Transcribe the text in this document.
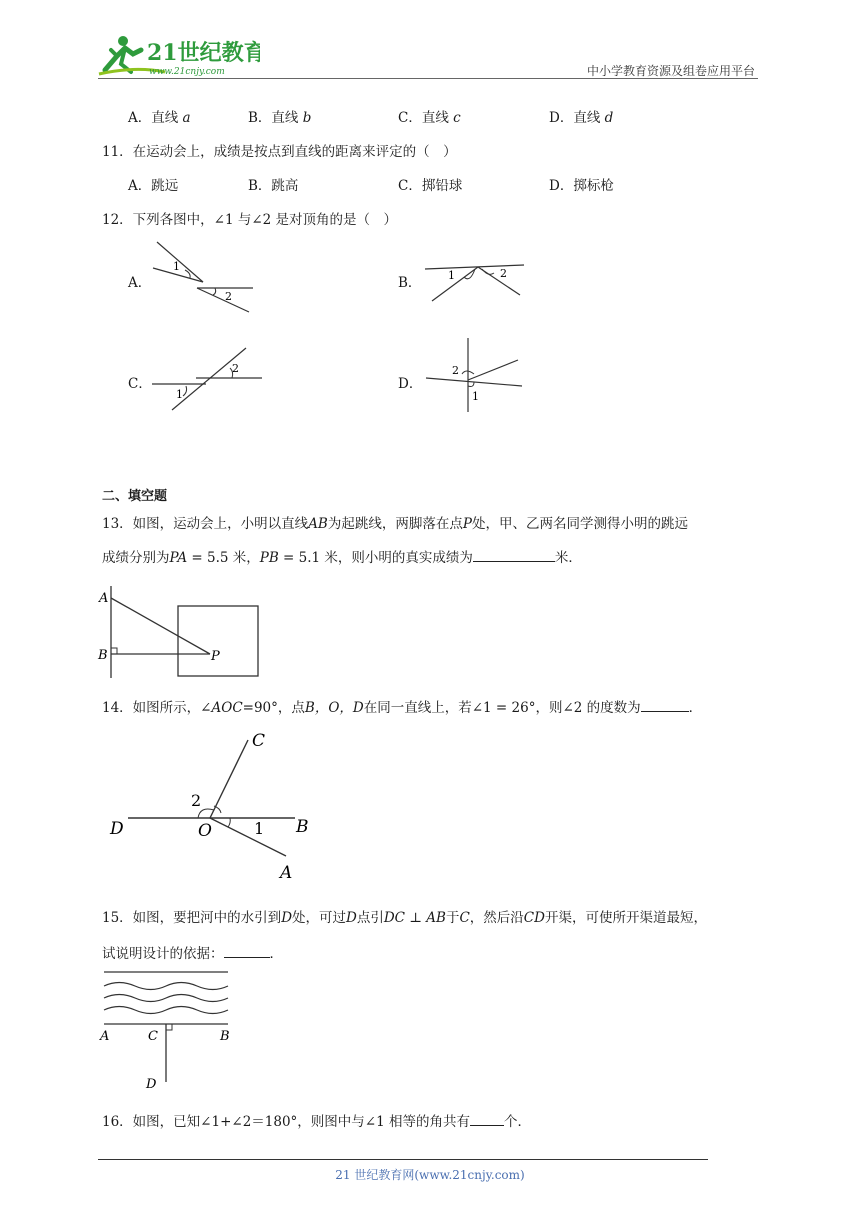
21世纪教育
www.21cnjy.com	中小学教育资源及组卷应用平台
A．直线 a	B．直线 b	C．直线 c	D．直线 d
11．在运动会上，成绩是按点到直线的距离来评定的（　）
A．跳远	B．跳高	C．掷铅球	D．掷标枪
12．下列各图中，∠1 与∠2 是对顶角的是（　）
A．
1
2
B． 1	2
C．
1
2
D．
2
1
二、填空题
13．如图，运动会上，小明以直线AB为起跳线，两脚落在点P处，甲、乙两名同学测得小明的跳远
成绩分别为PA = 5.5 米，PB = 5.1 米，则小明的真实成绩为	米．
A
B	P
14．如图所示，∠AOC=90°，点B，O，D在同一直线上，若∠1 = 26°，则∠2 的度数为	．
C
2
D	O	1 B
A
15．如图，要把河中的水引到D处，可过D点引DC ⊥ AB于C，然后沿CD开渠，可使所开渠道最短，
试说明设计的依据：	．
A	C	B
D
16．如图，已知∠1+∠2＝180°，则图中与∠1 相等的角共有	个．
21 世纪教育网(www.21cnjy.com)
